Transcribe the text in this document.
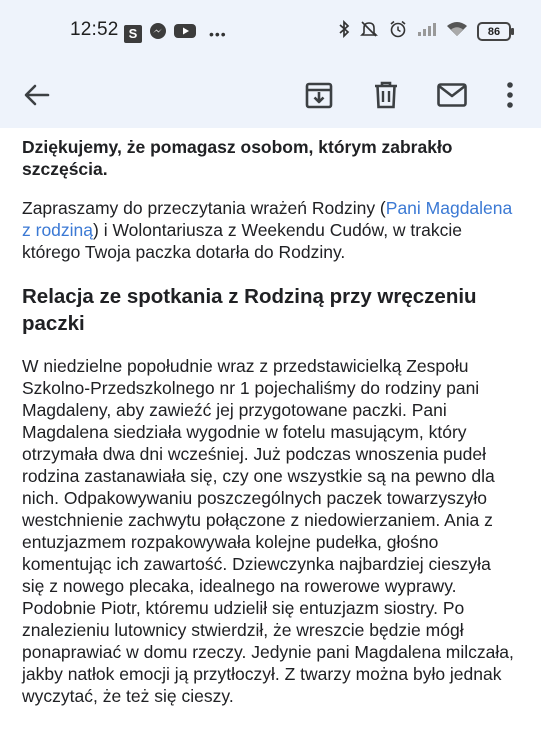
12:52 S	•••	86

Dziękujemy, że pomagasz osobom, którym zabrakło szczęścia.

Zapraszamy do przeczytania wrażeń Rodziny (Pani Magdalena z rodziną) i Wolontariusza z Weekendu Cudów, w trakcie którego Twoja paczka dotarła do Rodziny.

Relacja ze spotkania z Rodziną przy wręczeniu paczki

W niedzielne popołudnie wraz z przedstawicielką Zespołu Szkolno-Przedszkolnego nr 1 pojechaliśmy do rodziny pani Magdaleny, aby zawieźć jej przygotowane paczki. Pani Magdalena siedziała wygodnie w fotelu masującym, który otrzymała dwa dni wcześniej. Już podczas wnoszenia pudeł rodzina zastanawiała się, czy one wszystkie są na pewno dla nich. Odpakowywaniu poszczególnych paczek towarzyszyło westchnienie zachwytu połączone z niedowierzaniem. Ania z entuzjazmem rozpakowywała kolejne pudełka, głośno komentując ich zawartość. Dziewczynka najbardziej cieszyła się z nowego plecaka, idealnego na rowerowe wyprawy. Podobnie Piotr, któremu udzielił się entuzjazm siostry. Po znalezieniu lutownicy stwierdził, że wreszcie będzie mógł ponaprawiać w domu rzeczy. Jedynie pani Magdalena milczała, jakby natłok emocji ją przytłoczył. Z twarzy można było jednak wyczytać, że też się cieszy.
